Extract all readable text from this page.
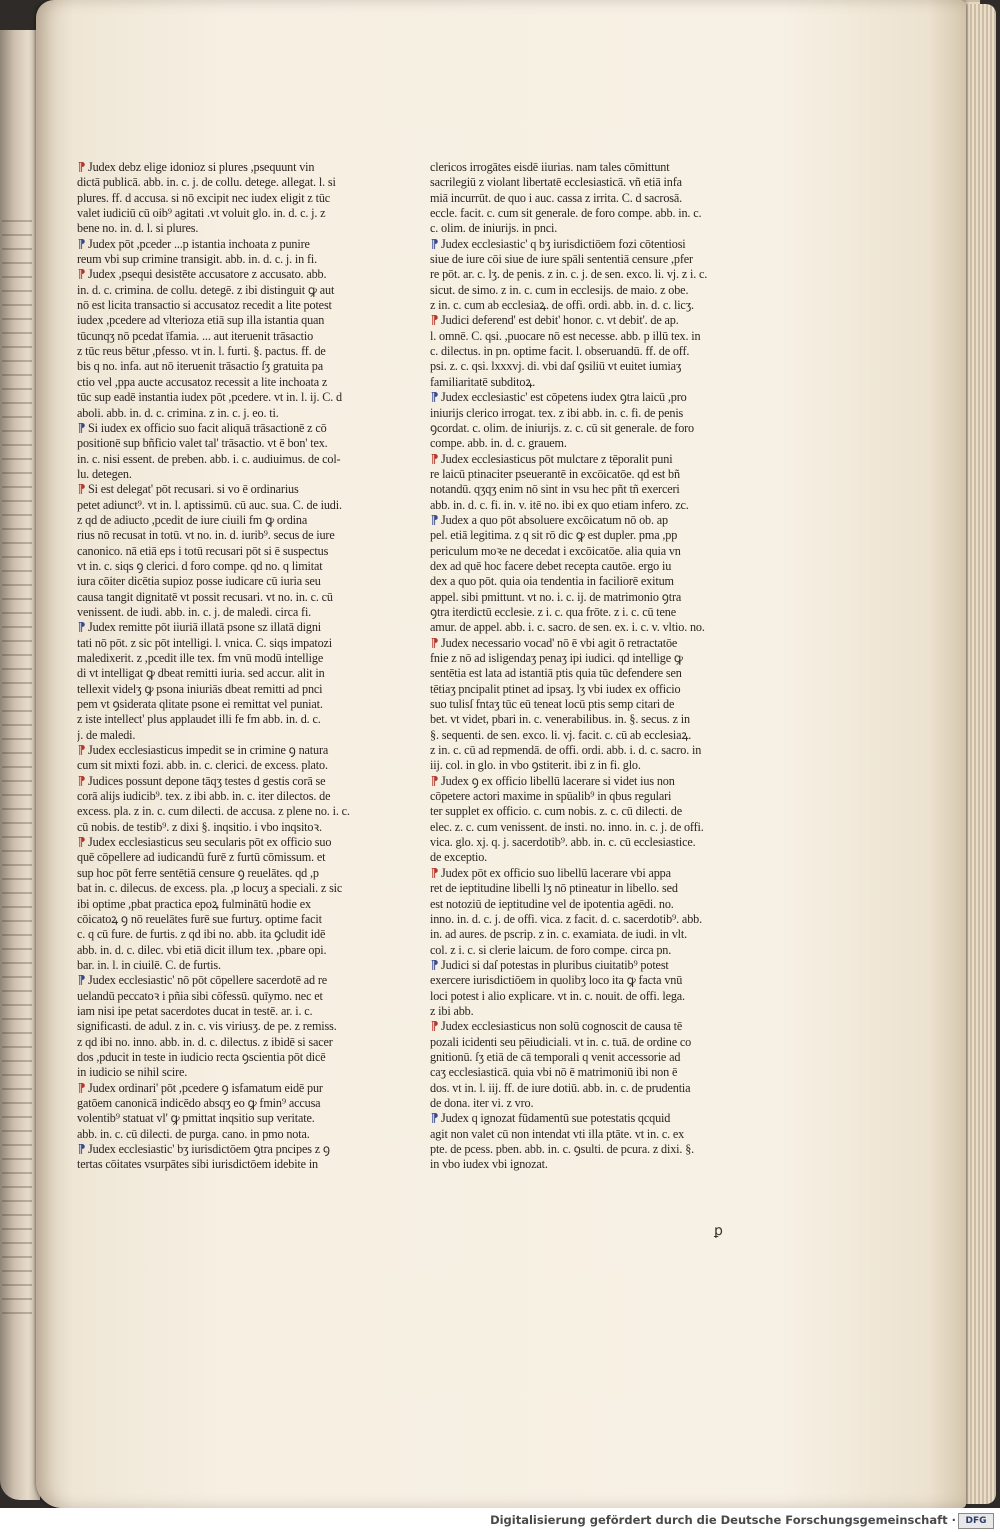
⁋ Judex debz elige idonioz si plures ,psequunt vin
dictā publicā. abb. in. c. j. de collu. detege. allegat. l. si
plures. ff. d accusa. si nō excipit nec iudex eligit z tūc
valet iudiciū cū oib⁹ agitati .vt voluit glo. in. d. c. j. z
bene no. in. d. l. si plures.
⁋ Judex pōt ,pceder ...p istantia inchoata z punire
reum vbi sup crimine transigit. abb. in. d. c. j. in fi.
⁋ Judex ,psequi desistēte accusatore z accusato. abb.
in. d. c. crimina. de collu. detegē. z ibi distinguit ꝙ aut
nō est licita transactio si accusatoz recedit a lite potest
iudex ,pcedere ad vlterioza etiā sup illa istantia quan
tūcunqʒ nō pcedat īfamia. ... aut iteruenit trāsactio
z tūc reus bētur ,pfesso. vt in. l. furti. §. pactus. ff. de
bis q no. infa. aut nō iteruenit trāsactio ſʒ gratuita pa
ctio vel ,ppa aucte accusatoz recessit a lite inchoata z
tūc sup eadē instantia iudex pōt ,pcedere. vt in. l. ij. C. d
aboli. abb. in. d. c. crimina. z in. c. j. eo. ti.
⁋ Si iudex ex officio suo facit aliquā trāsactionē z cō
positionē sup bñficio valet tal' trāsactio. vt ē bon' tex.
in. c. nisi essent. de preben. abb. i. c. audiuimus. de col-
lu. detegen.
⁋ Si est delegat' pōt recusari. si vo ē ordinarius
petet adiunct⁹. vt in. l. aptissimū. cū auc. sua. C. de iudi.
z qd de adiucto ,pcedit de iure ciuili fm ꝙ ordina
rius nō recusat in totū. vt no. in. d. iurib⁹. secus de iure
canonico. nā etiā eps i totū recusari pōt si ē suspectus
vt in. c. siqs ꝯ clerici. d foro compe. qd no. q limitat
iura cōiter dicētia supioz posse iudicare cū iuria seu
causa tangit dignitatē vt possit recusari. vt no. in. c. cū
venissent. de iudi. abb. in. c. j. de maledi. circa fi.
⁋ Judex remitte pōt iiuriā illatā psone sz illatā digni
tati nō pōt. z sic pōt intelligi. l. vnica. C. siqs impatozi
maledixerit. z ,pcedit ille tex. fm vnū modū intellige
di vt intelligat ꝙ dbeat remitti iuria. sed accur. alit in
tellexit videlʒ ꝙ psona iniuriās dbeat remitti ad pnci
pem vt ꝯsiderata qlitate psone ei remittat vel puniat.
z iste intellect' plus applaudet illi fe fm abb. in. d. c.
j. de maledi.
⁋ Judex ecclesiasticus impedit se in crimine ꝯ natura
cum sit mixti fozi. abb. in. c. clerici. de excess. plato.
⁋ Judices possunt depone tāqʒ testes d gestis corā se
corā alijs iudicib⁹. tex. z ibi abb. in. c. iter dilectos. de
excess. pla. z in. c. cum dilecti. de accusa. z plene no. i. c.
cū nobis. de testib⁹. z dixi §. inqsitio. i vbo inqsitoꝛ.
⁋ Judex ecclesiasticus seu secularis pōt ex officio suo
quē cōpellere ad iudicandū furē z furtū cōmissum. et
sup hoc pōt ferre sentētiā censure ꝯ reuelātes. qd ,p
bat in. c. dilecus. de excess. pla. ,p locuʒ a speciali. z sic
ibi optime ,pbat practica epoꝝ fulminātū hodie ex
cōicatoꝝ ꝯ nō reuelātes furē sue furtuʒ. optime facit
c. q cū fure. de furtis. z qd ibi no. abb. ita ꝯcludit idē
abb. in. d. c. dilec. vbi etiā dicit illum tex. ,pbare opi.
bar. in. l. in ciuilē. C. de furtis.
⁋ Judex ecclesiastic' nō pōt cōpellere sacerdotē ad re
uelandū peccatoꝛ i pñia sibi cōfessū. quīymo. nec et
iam nisi ipe petat sacerdotes ducat in testē. ar. i. c.
significasti. de adul. z in. c. vis viriusʒ. de pe. z remiss.
z qd ibi no. inno. abb. in. d. c. dilectus. z ibidē si sacer
dos ,pducit in teste in iudicio recta ꝯscientia pōt dicē
in iudicio se nihil scire.
⁋ Judex ordinari' pōt ,pcedere ꝯ isfamatum eidē pur
gatōem canonicā indicēdo absqʒ eo ꝙ fmin⁹ accusa
volentib⁹ statuat vl' ꝙ pmittat inqsitio sup veritate.
abb. in. c. cū dilecti. de purga. cano. in pmo nota.
⁋ Judex ecclesiastic' bʒ iurisdictōem ꝯtra pncipes z ꝯ
tertas cōitates vsurpātes sibi iurisdictōem idebite in
clericos irrogātes eisdē iiurias. nam tales cōmittunt
sacrilegiū z violant libertatē ecclesiasticā. vñ etiā infa
miā incurrūt. de quo i auc. cassa z irrita. C. d sacrosā.
eccle. facit. c. cum sit generale. de foro compe. abb. in. c.
c. olim. de iniurijs. in pnci.
⁋ Judex ecclesiastic' q bʒ iurisdictiōem fozi cōtentiosi
siue de iure cōi siue de iure spāli sententiā censure ,pfer
re pōt. ar. c. lʒ. de penis. z in. c. j. de sen. exco. li. vj. z i. c.
sicut. de simo. z in. c. cum in ecclesijs. de maio. z obe.
z in. c. cum ab ecclesiaꝝ. de offi. ordi. abb. in. d. c. licʒ.
⁋ Judici deferend' est debit' honor. c. vt debit'. de ap.
l. omnē. C. qsi. ,puocare nō est necesse. abb. p illū tex. in
c. dilectus. in pn. optime facit. l. obseruandū. ff. de off.
psi. z. c. qsi. lxxxvj. di. vbi daſ ꝯsiliū vt euitet iumiaʒ
familiaritatē subditoꝝ.
⁋ Judex ecclesiastic' est cōpetens iudex ꝯtra laicū ,pro
iniurijs clerico irrogat. tex. z ibi abb. in. c. fi. de penis
ꝯcordat. c. olim. de iniurijs. z. c. cū sit generale. de foro
compe. abb. in. d. c. grauem.
⁋ Judex ecclesiasticus pōt mulctare z tēporalit puni
re laicū ptinaciter pseuerantē in excōicatōe. qd est bñ
notandū. qʒqʒ enim nō sint in vsu hec pñt tñ exerceri
abb. in. d. c. fi. in. v. itē no. ibi ex quo etiam infero. zc.
⁋ Judex a quo pōt absoluere excōicatum nō ob. ap
pel. etiā legitima. z q sit rō dic ꝙ est dupler. pma ,pp
periculum moꝛe ne decedat i excōicatōe. alia quia vn
dex ad quē hoc facere debet recepta cautōe. ergo iu
dex a quo pōt. quia oia tendentia in faciliorē exitum
appel. sibi pmittunt. vt no. i. c. ij. de matrimonio ꝯtra
ꝯtra iterdictū ecclesie. z i. c. qua frōte. z i. c. cū tene
amur. de appel. abb. i. c. sacro. de sen. ex. i. c. v. vltio. no.
⁋ Judex necessario vocad' nō ē vbi agit ō retractatōe
fnie z nō ad isligendaʒ penaʒ ipi iudici. qd intellige ꝙ
sentētia est lata ad istantiā ptis quia tūc defendere sen
tētiaʒ pncipalit ptinet ad ipsaʒ. lʒ vbi iudex ex officio
suo tulisſ fntaʒ tūc eū teneat locū ptis semp citari de
bet. vt videt, pbari in. c. venerabilibus. in. §. secus. z in
§. sequenti. de sen. exco. li. vj. facit. c. cū ab ecclesiaꝝ.
z in. c. cū ad repmendā. de offi. ordi. abb. i. d. c. sacro. in
iij. col. in glo. in vbo ꝯstiterit. ibi z in fi. glo.
⁋ Judex ꝯ ex officio libellū lacerare si videt ius non
cōpetere actori maxime in spūalib⁹ in qbus regulari
ter supplet ex officio. c. cum nobis. z. c. cū dilecti. de
elec. z. c. cum venissent. de insti. no. inno. in. c. j. de offi.
vica. glo. xj. q. j. sacerdotib⁹. abb. in. c. cū ecclesiastice.
de exceptio.
⁋ Judex pōt ex officio suo libellū lacerare vbi appa
ret de ieptitudine libelli lʒ nō ptineatur in libello. sed
est notoziū de ieptitudine vel de ipotentia agēdi. no.
inno. in. d. c. j. de offi. vica. z facit. d. c. sacerdotib⁹. abb.
in. ad aures. de pscrip. z in. c. examiata. de iudi. in vlt.
col. z i. c. si clerie laicum. de foro compe. circa pn.
⁋ Judici si daſ potestas in pluribus ciuitatib⁹ potest
exercere iurisdictiōem in quolibʒ loco ita ꝙ facta vnū
loci potest i alio explicare. vt in. c. nouit. de offi. lega.
z ibi abb.
⁋ Judex ecclesiasticus non solū cognoscit de causa tē
pozali icidenti seu pēiudiciali. vt in. c. tuā. de ordine co
gnitionū. ſʒ etiā de cā temporali q venit accessorie ad
caʒ ecclesiasticā. quia vbi nō ē matrimoniū ibi non ē
dos. vt in. l. iij. ff. de iure dotiū. abb. in. c. de prudentia
de dona. iter vi. z vro.
⁋ Judex q ignozat fūdamentū sue potestatis qcquid
agit non valet cū non intendat vti illa ptāte. vt in. c. ex
pte. de pcess. pben. abb. in. c. ꝯsulti. de pcura. z dixi. §.
in vbo iudex vbi ignozat.
ꝑ
Digitalisierung gefördert durch die Deutsche Forschungsgemeinschaft ·	DFG
